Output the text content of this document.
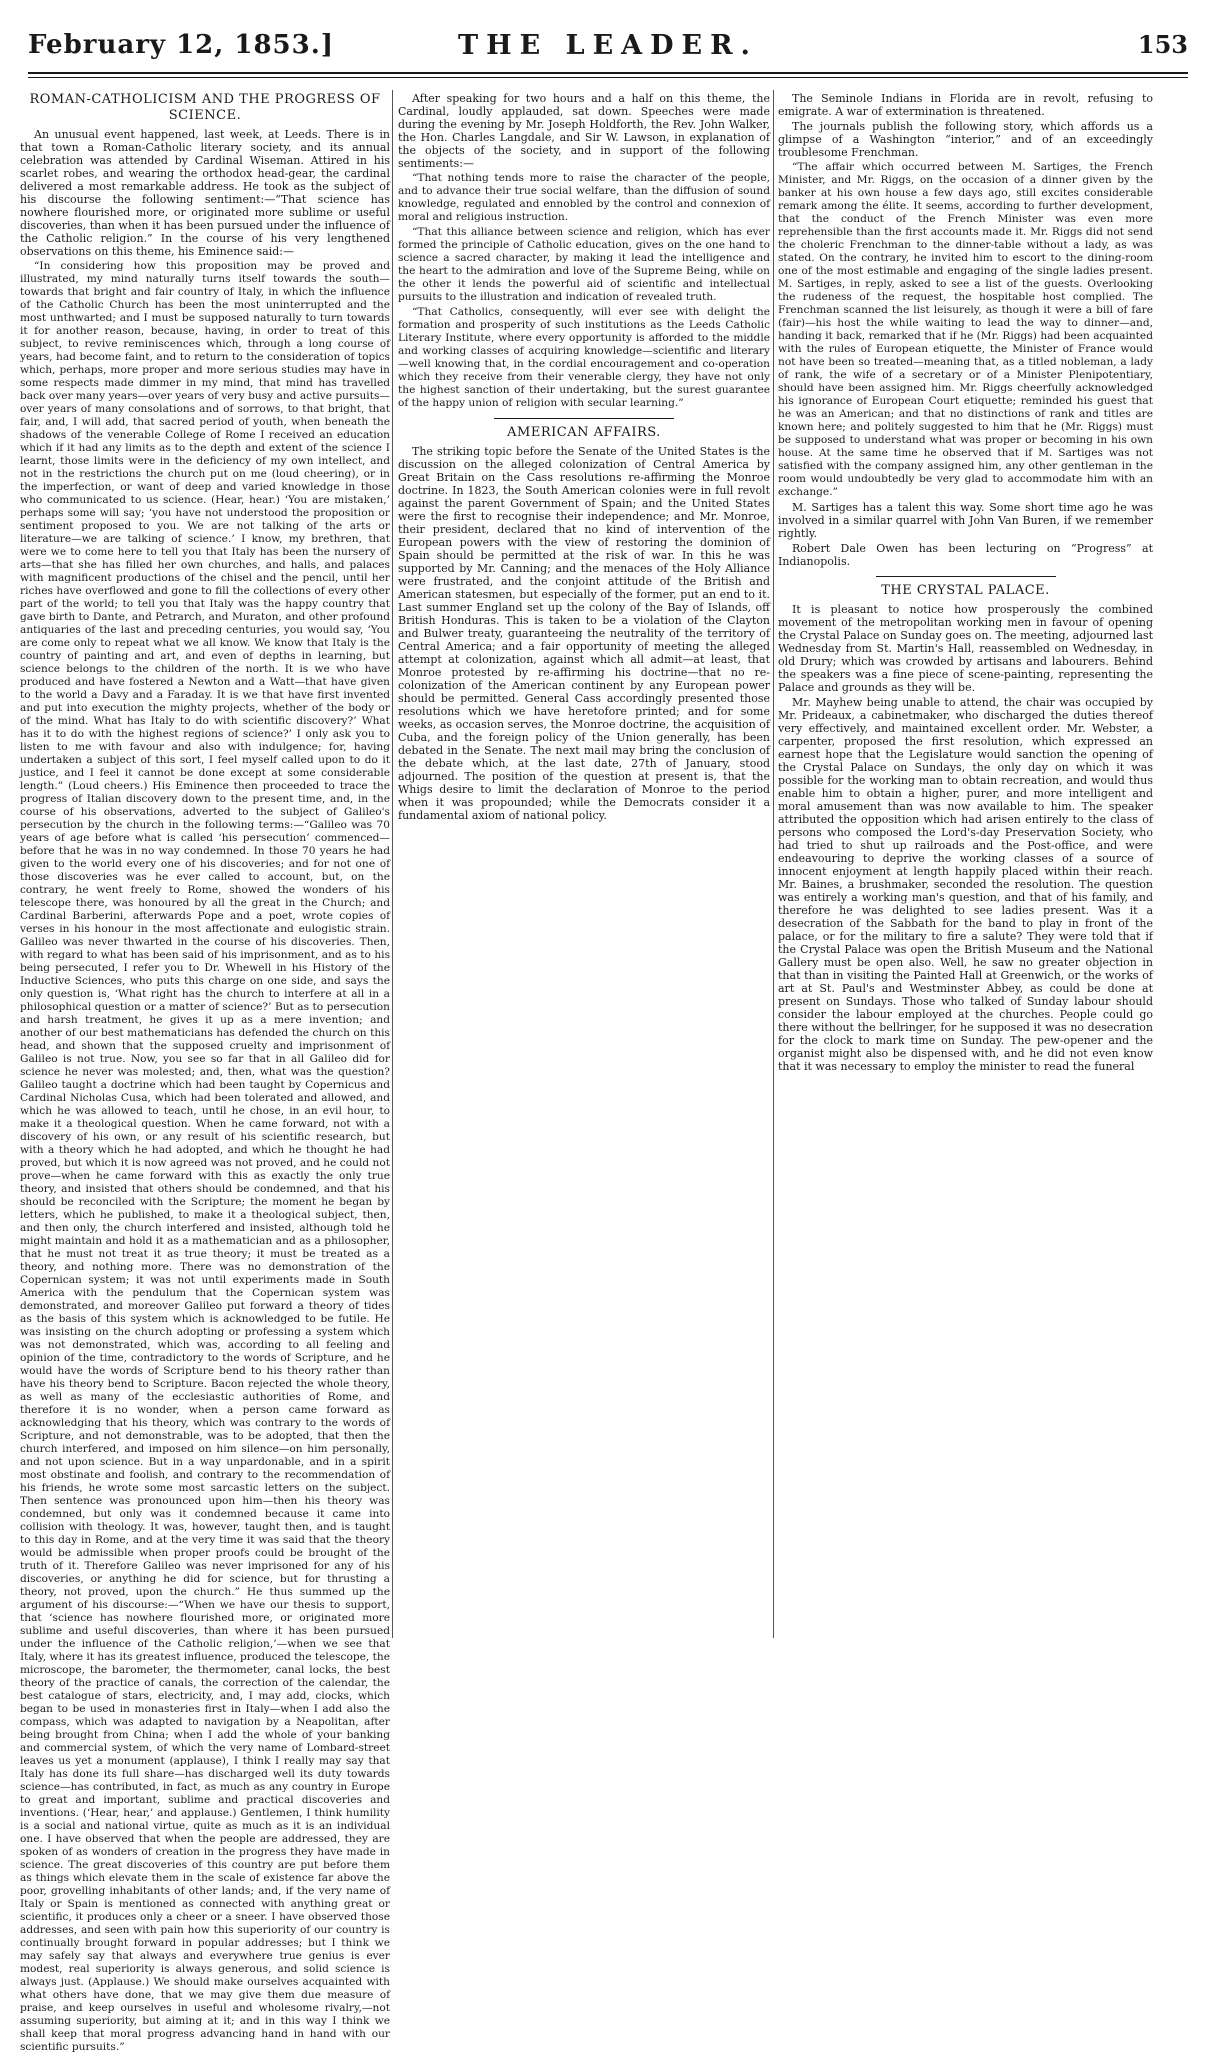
February 12, 1853.]	THE LEADER.	153
ROMAN-CATHOLICISM AND THE PROGRESS OF SCIENCE.

An unusual event happened, last week, at Leeds. There is in that town a Roman-Catholic literary society, and its annual celebration was attended by Cardinal Wiseman. Attired in his scarlet robes, and wearing the orthodox head-gear, the cardinal delivered a most remarkable address. He took as the subject of his discourse the following sentiment:—“That science has nowhere flourished more, or originated more sublime or useful discoveries, than when it has been pursued under the influence of the Catholic religion.” In the course of his very lengthened observations on this theme, his Eminence said:—

“In considering how this proposition may be proved and illustrated, my mind naturally turns itself towards the south—towards that bright and fair country of Italy, in which the influence of the Catholic Church has been the most uninterrupted and the most unthwarted; and I must be supposed naturally to turn towards it for another reason, because, having, in order to treat of this subject, to revive reminiscences which, through a long course of years, had become faint, and to return to the consideration of topics which, perhaps, more proper and more serious studies may have in some respects made dimmer in my mind, that mind has travelled back over many years—over years of very busy and active pursuits—over years of many consolations and of sorrows, to that bright, that fair, and, I will add, that sacred period of youth, when beneath the shadows of the venerable College of Rome I received an education which if it had any limits as to the depth and extent of the science I learnt, those limits were in the deficiency of my own intellect, and not in the restrictions the church put on me (loud cheering), or in the imperfection, or want of deep and varied knowledge in those who communicated to us science. (Hear, hear.) ‘You are mistaken,’ perhaps some will say; ‘you have not understood the proposition or sentiment proposed to you. We are not talking of the arts or literature—we are talking of science.’ I know, my brethren, that were we to come here to tell you that Italy has been the nursery of arts—that she has filled her own churches, and halls, and palaces with magnificent productions of the chisel and the pencil, until her riches have overflowed and gone to fill the collections of every other part of the world; to tell you that Italy was the happy country that gave birth to Dante, and Petrarch, and Muraton, and other profound antiquaries of the last and preceding centuries, you would say, ‘You are come only to repeat what we all know. We know that Italy is the country of painting and art, and even of depths in learning, but science belongs to the children of the north. It is we who have produced and have fostered a Newton and a Watt—that have given to the world a Davy and a Faraday. It is we that have first invented and put into execution the mighty projects, whether of the body or of the mind. What has Italy to do with scientific discovery?’ What has it to do with the highest regions of science?’ I only ask you to listen to me with favour and also with indulgence; for, having undertaken a subject of this sort, I feel myself called upon to do it justice, and I feel it cannot be done except at some considerable length.” (Loud cheers.) His Eminence then proceeded to trace the progress of Italian discovery down to the present time, and, in the course of his observations, adverted to the subject of Galileo's persecution by the church in the following terms:—“Galileo was 70 years of age before what is called ‘his persecution’ commenced—before that he was in no way condemned. In those 70 years he had given to the world every one of his discoveries; and for not one of those discoveries was he ever called to account, but, on the contrary, he went freely to Rome, showed the wonders of his telescope there, was honoured by all the great in the Church; and Cardinal Barberini, afterwards Pope and a poet, wrote copies of verses in his honour in the most affectionate and eulogistic strain. Galileo was never thwarted in the course of his discoveries. Then, with regard to what has been said of his imprisonment, and as to his being persecuted, I refer you to Dr. Whewell in his History of the Inductive Sciences, who puts this charge on one side, and says the only question is, ‘What right has the church to interfere at all in a philosophical question or a matter of science?’ But as to persecution and harsh treatment, he gives it up as a mere invention; and another of our best mathematicians has defended the church on this head, and shown that the supposed cruelty and imprisonment of Galileo is not true. Now, you see so far that in all Galileo did for science he never was molested; and, then, what was the question? Galileo taught a doctrine which had been taught by Copernicus and Cardinal Nicholas Cusa, which had been tolerated and allowed, and which he was allowed to teach, until he chose, in an evil hour, to make it a theological question. When he came forward, not with a discovery of his own, or any result of his scientific research, but with a theory which he had adopted, and which he thought he had proved, but which it is now agreed was not proved, and he could not prove—when he came forward with this as exactly the only true theory, and insisted that others should be condemned, and that his should be reconciled with the Scripture; the moment he began by letters, which he published, to make it a theological subject, then, and then only, the church interfered and insisted, although told he might maintain and hold it as a mathematician and as a philosopher, that he must not treat it as true theory; it must be treated as a theory, and nothing more. There was no demonstration of the Copernican system; it was not until experiments made in South America with the pendulum that the Copernican system was demonstrated, and moreover Galileo put forward a theory of tides as the basis of this system which is acknowledged to be futile. He was insisting on the church adopting or professing a system which was not demonstrated, which was, according to all feeling and opinion of the time, contradictory to the words of Scripture, and he would have the words of Scripture bend to his theory rather than have his theory bend to Scripture. Bacon rejected the whole theory, as well as many of the ecclesiastic authorities of Rome, and therefore it is no wonder, when a person came forward as acknowledging that his theory, which was contrary to the words of Scripture, and not demonstrable, was to be adopted, that then the church interfered, and imposed on him silence—on him personally, and not upon science. But in a way unpardonable, and in a spirit most obstinate and foolish, and contrary to the recommendation of his friends, he wrote some most sarcastic letters on the subject. Then sentence was pronounced upon him—then his theory was condemned, but only was it condemned because it came into collision with theology. It was, however, taught then, and is taught to this day in Rome, and at the very time it was said that the theory would be admissible when proper proofs could be brought of the truth of it. Therefore Galileo was never imprisoned for any of his discoveries, or anything he did for science, but for thrusting a theory, not proved, upon the church.” He thus summed up the argument of his discourse:—“When we have our thesis to support, that ‘science has nowhere flourished more, or originated more sublime and useful discoveries, than where it has been pursued under the influence of the Catholic religion,’—when we see that Italy, where it has its greatest influence, produced the telescope, the microscope, the barometer, the thermometer, canal locks, the best theory of the practice of canals, the correction of the calendar, the best catalogue of stars, electricity, and, I may add, clocks, which began to be used in monasteries first in Italy—when I add also the compass, which was adapted to navigation by a Neapolitan, after being brought from China; when I add the whole of your banking and commercial system, of which the very name of Lombard-street leaves us yet a monument (applause), I think I really may say that Italy has done its full share—has discharged well its duty towards science—has contributed, in fact, as much as any country in Europe to great and important, sublime and practical discoveries and inventions. (‘Hear, hear,’ and applause.) Gentlemen, I think humility is a social and national virtue, quite as much as it is an individual one. I have observed that when the people are addressed, they are spoken of as wonders of creation in the progress they have made in science. The great discoveries of this country are put before them as things which elevate them in the scale of existence far above the poor, grovelling inhabitants of other lands; and, if the very name of Italy or Spain is mentioned as connected with anything great or scientific, it produces only a cheer or a sneer. I have observed those addresses, and seen with pain how this superiority of our country is continually brought forward in popular addresses; but I think we may safely say that always and everywhere true genius is ever modest, real superiority is always generous, and solid science is always just. (Applause.) We should make ourselves acquainted with what others have done, that we may give them due measure of praise, and keep ourselves in useful and wholesome rivalry,—not assuming superiority, but aiming at it; and in this way I think we shall keep that moral progress advancing hand in hand with our scientific pursuits.”

After speaking for two hours and a half on this theme, the Cardinal, loudly applauded, sat down. Speeches were made during the evening by Mr. Joseph Holdforth, the Rev. John Walker, the Hon. Charles Langdale, and Sir W. Lawson, in explanation of the objects of the society, and in support of the following sentiments:—

“That nothing tends more to raise the character of the people, and to advance their true social welfare, than the diffusion of sound knowledge, regulated and ennobled by the control and connexion of moral and religious instruction.

“That this alliance between science and religion, which has ever formed the principle of Catholic education, gives on the one hand to science a sacred character, by making it lead the intelligence and the heart to the admiration and love of the Supreme Being, while on the other it lends the powerful aid of scientific and intellectual pursuits to the illustration and indication of revealed truth.

“That Catholics, consequently, will ever see with delight the formation and prosperity of such institutions as the Leeds Catholic Literary Institute, where every opportunity is afforded to the middle and working classes of acquiring knowledge—scientific and literary—well knowing that, in the cordial encouragement and co-operation which they receive from their venerable clergy, they have not only the highest sanction of their undertaking, but the surest guarantee of the happy union of religion with secular learning.”

AMERICAN AFFAIRS.

The striking topic before the Senate of the United States is the discussion on the alleged colonization of Central America by Great Britain on the Cass resolutions re-affirming the Monroe doctrine. In 1823, the South American colonies were in full revolt against the parent Government of Spain; and the United States were the first to recognise their independence; and Mr. Monroe, their president, declared that no kind of intervention of the European powers with the view of restoring the dominion of Spain should be permitted at the risk of war. In this he was supported by Mr. Canning; and the menaces of the Holy Alliance were frustrated, and the conjoint attitude of the British and American statesmen, but especially of the former, put an end to it. Last summer England set up the colony of the Bay of Islands, off British Honduras. This is taken to be a violation of the Clayton and Bulwer treaty, guaranteeing the neutrality of the territory of Central America; and a fair opportunity of meeting the alleged attempt at colonization, against which all admit—at least, that Monroe protested by re-affirming his doctrine—that no re-colonization of the American continent by any European power should be permitted. General Cass accordingly presented those resolutions which we have heretofore printed; and for some weeks, as occasion serves, the Monroe doctrine, the acquisition of Cuba, and the foreign policy of the Union generally, has been debated in the Senate. The next mail may bring the conclusion of the debate which, at the last date, 27th of January, stood adjourned. The position of the question at present is, that the Whigs desire to limit the declaration of Monroe to the period when it was propounded; while the Democrats consider it a fundamental axiom of national policy.

The Seminole Indians in Florida are in revolt, refusing to emigrate. A war of extermination is threatened.

The journals publish the following story, which affords us a glimpse of a Washington “interior,” and of an exceedingly troublesome Frenchman.

“The affair which occurred between M. Sartiges, the French Minister, and Mr. Riggs, on the occasion of a dinner given by the banker at his own house a few days ago, still excites considerable remark among the élite. It seems, according to further development, that the conduct of the French Minister was even more reprehensible than the first accounts made it. Mr. Riggs did not send the choleric Frenchman to the dinner-table without a lady, as was stated. On the contrary, he invited him to escort to the dining-room one of the most estimable and engaging of the single ladies present. M. Sartiges, in reply, asked to see a list of the guests. Overlooking the rudeness of the request, the hospitable host complied. The Frenchman scanned the list leisurely, as though it were a bill of fare (fair)—his host the while waiting to lead the way to dinner—and, handing it back, remarked that if he (Mr. Riggs) had been acquainted with the rules of European etiquette, the Minister of France would not have been so treated—meaning that, as a titled nobleman, a lady of rank, the wife of a secretary or of a Minister Plenipotentiary, should have been assigned him. Mr. Riggs cheerfully acknowledged his ignorance of European Court etiquette; reminded his guest that he was an American; and that no distinctions of rank and titles are known here; and politely suggested to him that he (Mr. Riggs) must be supposed to understand what was proper or becoming in his own house. At the same time he observed that if M. Sartiges was not satisfied with the company assigned him, any other gentleman in the room would undoubtedly be very glad to accommodate him with an exchange.”

M. Sartiges has a talent this way. Some short time ago he was involved in a similar quarrel with John Van Buren, if we remember rightly.

Robert Dale Owen has been lecturing on “Progress” at Indianopolis.

THE CRYSTAL PALACE.

It is pleasant to notice how prosperously the combined movement of the metropolitan working men in favour of opening the Crystal Palace on Sunday goes on. The meeting, adjourned last Wednesday from St. Martin's Hall, reassembled on Wednesday, in old Drury; which was crowded by artisans and labourers. Behind the speakers was a fine piece of scene-painting, representing the Palace and grounds as they will be.

Mr. Mayhew being unable to attend, the chair was occupied by Mr. Prideaux, a cabinetmaker, who discharged the duties thereof very effectively, and maintained excellent order. Mr. Webster, a carpenter, proposed the first resolution, which expressed an earnest hope that the Legislature would sanction the opening of the Crystal Palace on Sundays, the only day on which it was possible for the working man to obtain recreation, and would thus enable him to obtain a higher, purer, and more intelligent and moral amusement than was now available to him. The speaker attributed the opposition which had arisen entirely to the class of persons who composed the Lord's-day Preservation Society, who had tried to shut up railroads and the Post-office, and were endeavouring to deprive the working classes of a source of innocent enjoyment at length happily placed within their reach. Mr. Baines, a brushmaker, seconded the resolution. The question was entirely a working man's question, and that of his family, and therefore he was delighted to see ladies present. Was it a desecration of the Sabbath for the band to play in front of the palace, or for the military to fire a salute? They were told that if the Crystal Palace was open the British Museum and the National Gallery must be open also. Well, he saw no greater objection in that than in visiting the Painted Hall at Greenwich, or the works of art at St. Paul's and Westminster Abbey, as could be done at present on Sundays. Those who talked of Sunday labour should consider the labour employed at the churches. People could go there without the bellringer, for he supposed it was no desecration for the clock to mark time on Sunday. The pew-opener and the organist might also be dispensed with, and he did not even know that it was necessary to employ the minister to read the funeral
